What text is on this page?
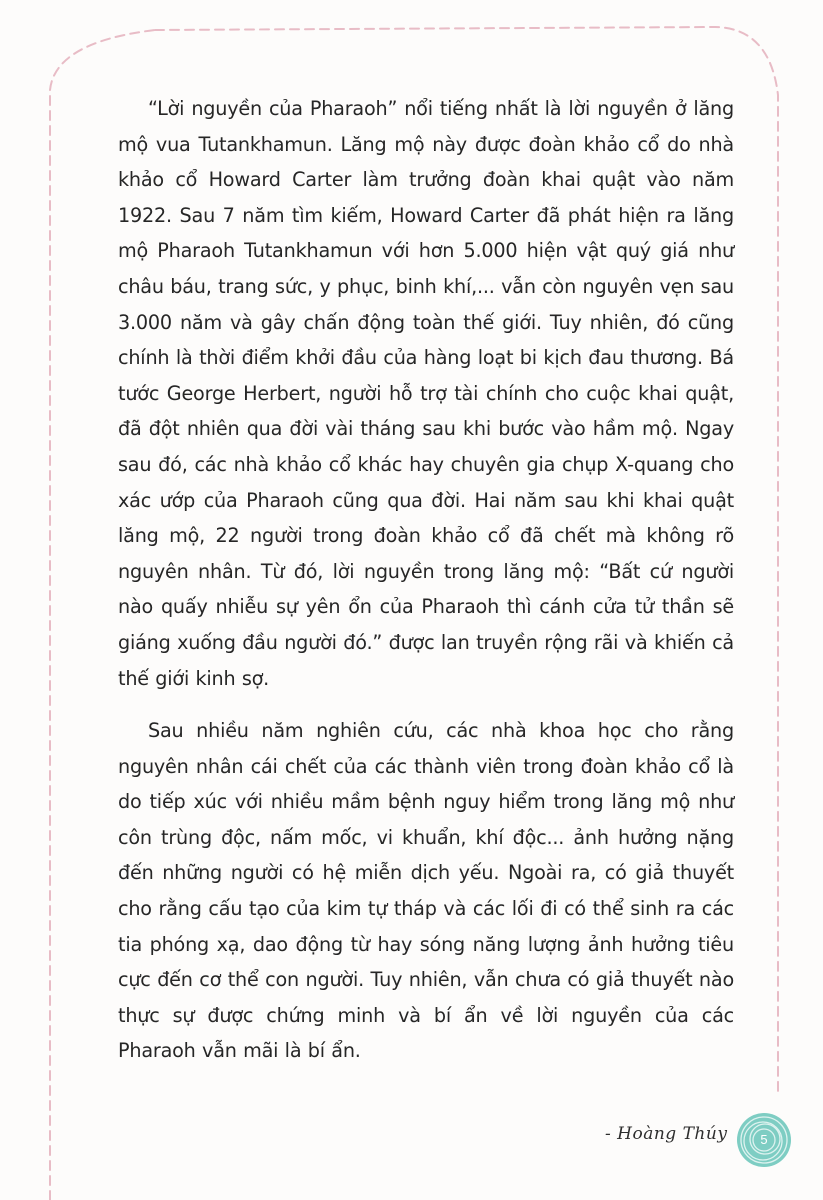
“Lời nguyền của Pharaoh” nổi tiếng nhất là lời nguyền ở lăng mộ vua Tutankhamun. Lăng mộ này được đoàn khảo cổ do nhà khảo cổ Howard Carter làm trưởng đoàn khai quật vào năm 1922. Sau 7 năm tìm kiếm, Howard Carter đã phát hiện ra lăng mộ Pharaoh Tutankhamun với hơn 5.000 hiện vật quý giá như châu báu, trang sức, y phục, binh khí,... vẫn còn nguyên vẹn sau 3.000 năm và gây chấn động toàn thế giới. Tuy nhiên, đó cũng chính là thời điểm khởi đầu của hàng loạt bi kịch đau thương. Bá tước George Herbert, người hỗ trợ tài chính cho cuộc khai quật, đã đột nhiên qua đời vài tháng sau khi bước vào hầm mộ. Ngay sau đó, các nhà khảo cổ khác hay chuyên gia chụp X-quang cho xác ướp của Pharaoh cũng qua đời. Hai năm sau khi khai quật lăng mộ, 22 người trong đoàn khảo cổ đã chết mà không rõ nguyên nhân. Từ đó, lời nguyền trong lăng mộ: “Bất cứ người nào quấy nhiễu sự yên ổn của Pharaoh thì cánh cửa tử thần sẽ giáng xuống đầu người đó.” được lan truyền rộng rãi và khiến cả thế giới kinh sợ.

Sau nhiều năm nghiên cứu, các nhà khoa học cho rằng nguyên nhân cái chết của các thành viên trong đoàn khảo cổ là do tiếp xúc với nhiều mầm bệnh nguy hiểm trong lăng mộ như côn trùng độc, nấm mốc, vi khuẩn, khí độc... ảnh hưởng nặng đến những người có hệ miễn dịch yếu. Ngoài ra, có giả thuyết cho rằng cấu tạo của kim tự tháp và các lối đi có thể sinh ra các tia phóng xạ, dao động từ hay sóng năng lượng ảnh hưởng tiêu cực đến cơ thể con người. Tuy nhiên, vẫn chưa có giả thuyết nào thực sự được chứng minh và bí ẩn về lời nguyền của các Pharaoh vẫn mãi là bí ẩn.

- Hoàng Thúy	5
